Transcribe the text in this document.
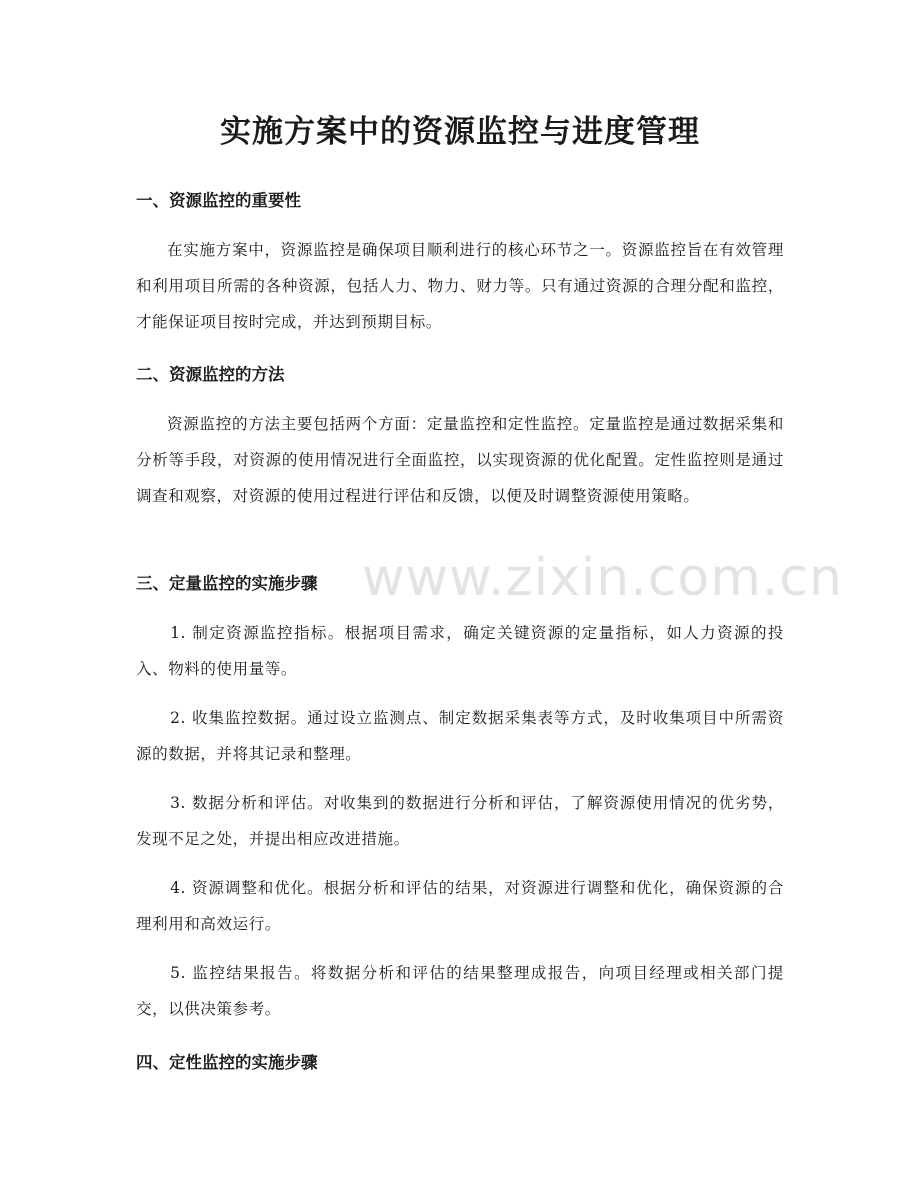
实施方案中的资源监控与进度管理
一、资源监控的重要性

在实施方案中，资源监控是确保项目顺利进行的核心环节之一。资源监控旨在有效管理和利用项目所需的各种资源，包括人力、物力、财力等。只有通过资源的合理分配和监控，才能保证项目按时完成，并达到预期目标。

二、资源监控的方法

资源监控的方法主要包括两个方面：定量监控和定性监控。定量监控是通过数据采集和分析等手段，对资源的使用情况进行全面监控，以实现资源的优化配置。定性监控则是通过调查和观察，对资源的使用过程进行评估和反馈，以便及时调整资源使用策略。

三、定量监控的实施步骤

1. 制定资源监控指标。根据项目需求，确定关键资源的定量指标，如人力资源的投入、物料的使用量等。

2. 收集监控数据。通过设立监测点、制定数据采集表等方式，及时收集项目中所需资源的数据，并将其记录和整理。

3. 数据分析和评估。对收集到的数据进行分析和评估，了解资源使用情况的优劣势，发现不足之处，并提出相应改进措施。

4. 资源调整和优化。根据分析和评估的结果，对资源进行调整和优化，确保资源的合理利用和高效运行。

5. 监控结果报告。将数据分析和评估的结果整理成报告，向项目经理或相关部门提交，以供决策参考。

四、定性监控的实施步骤
www.zixin.com.cn
